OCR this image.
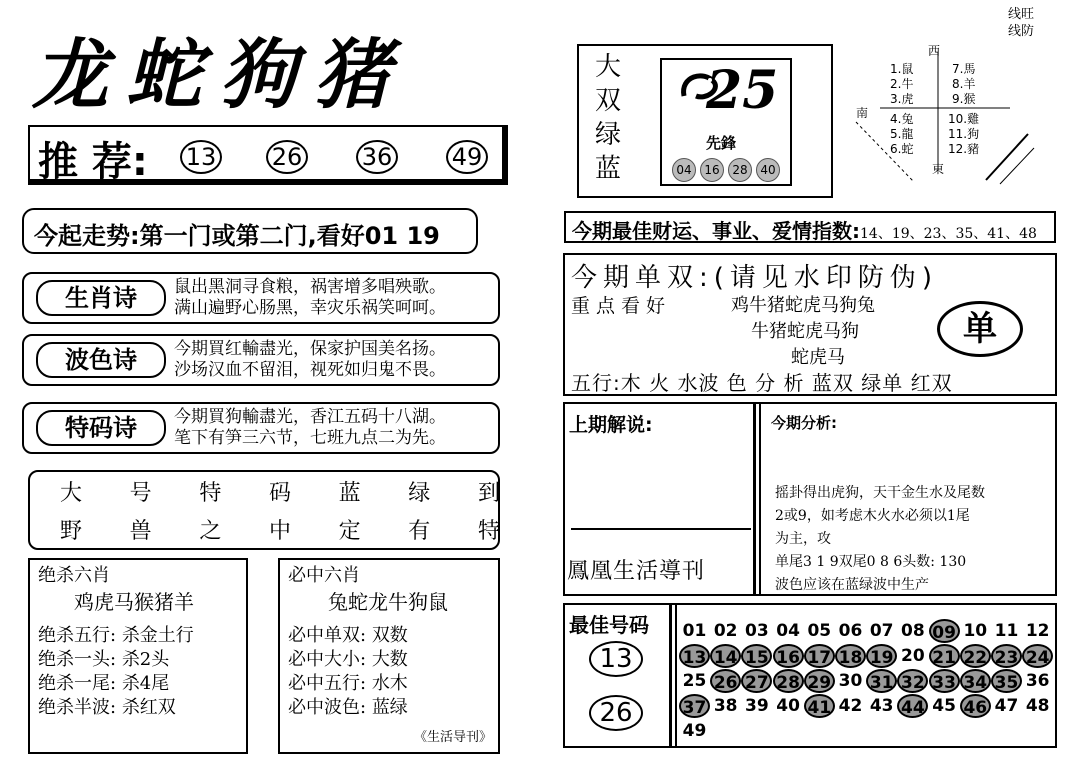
龙蛇狗猪
推 荐: 13 26 36 49
今起走势:第一门或第二门,看好01 19
生肖诗	鼠出黑洞寻食粮，祸害增多唱殃歌。
满山遍野心肠黑，幸灾乐祸笑呵呵。
波色诗	今期買红輸盡光，保家护国美名扬。
沙场汉血不留泪，视死如归鬼不畏。
特码诗	今期買狗輸盡光，香江五码十八湖。
笔下有笋三六节，七班九点二为先。
大 号 特 码 蓝 绿 到
野 兽 之 中 定 有 特
绝杀六肖
鸡虎马猴猪羊
绝杀五行: 杀金土行
绝杀一头: 杀2头
绝杀一尾: 杀4尾
绝杀半波: 杀红双
必中六肖
兔蛇龙牛狗鼠
必中单双: 双数
必中大小: 大数
必中五行: 水木
必中波色: 蓝绿
《生活导刊》
线旺
线防
大
双
绿
蓝
25
先鋒
04	16	28	40
西
南
東
1.鼠
2.牛
3.虎
7.馬
8.羊
9.猴
4.兔
5.龍
6.蛇
10.雞
11.狗
12.豬
今期最佳财运、事业、爱情指数:14、19、23、35、41、48
今期单双:(请见水印防伪)
重点看好	鸡牛猪蛇虎马狗兔
牛猪蛇虎马狗
蛇虎马
单
五行:木 火 水波 色 分 析 蓝双 绿单 红双
上期解说:
鳳凰生活導刊
今期分析:
摇卦得出虎狗，天干金生水及尾数
2或9，如考虑木火水必须以1尾
为主，攻
单尾3 1 9双尾0 8 6头数: 130
波色应该在蓝绿波中生产
最佳号码
13
26
01 02 03 04 05 06 07 08 09 10 11 12
13 14 15 16 17 18 19 20 21 22 23 24
25 26 27 28 29 30 31 32 33 34 35 36
37 38 39 40 41 42 43 44 45 46 47 48
49
